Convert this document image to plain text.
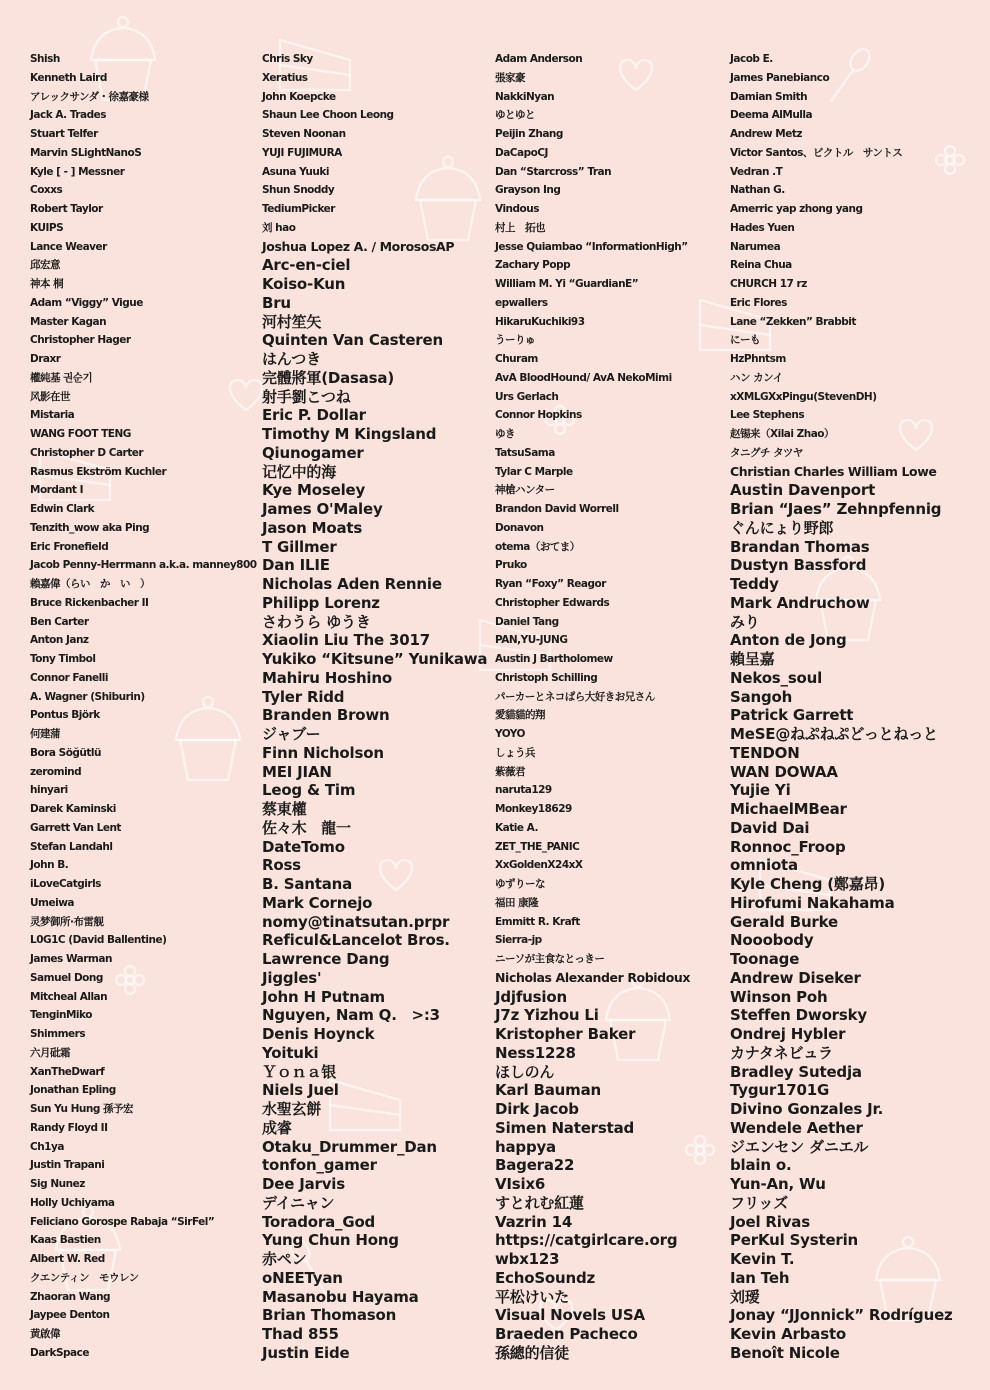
Shish
Kenneth Laird
アレックサンダ・徐嘉豪様
Jack A. Trades
Stuart Telfer
Marvin SLightNanoS
Kyle [ - ] Messner
Coxxs
Robert Taylor
KUIPS
Lance Weaver
邱宏意
神本 桐
Adam “Viggy” Vigue
Master Kagan
Christopher Hager
Draxr
權純基 권순기
风影在世
Mistaria
WANG FOOT TENG
Christopher D Carter
Rasmus Ekström Kuchler
Mordant I
Edwin Clark
Tenzith_wow aka Ping
Eric Fronefield
Jacob Penny-Herrmann a.k.a. manney800
賴嘉偉（らい　か　い　）
Bruce Rickenbacher II
Ben Carter
Anton Janz
Tony Timbol
Connor Fanelli
A. Wagner (Shiburin)
Pontus Björk
何建蒲
Bora Söğütlü
zeromind
hinyari
Darek Kaminski
Garrett Van Lent
Stefan Landahl
John B.
iLoveCatgirls
Umeiwa
灵梦御所·布雷舰
L0G1C (David Ballentine)
James Warman
Samuel Dong
Mitcheal Allan
TenginMiko
Shimmers
六月砒霜
XanTheDwarf
Jonathan Epling
Sun Yu Hung 孫予宏
Randy Floyd II
Ch1ya
Justin Trapani
Sig Nunez
Holly Uchiyama
Feliciano Gorospe Rabaja “SirFel”
Kaas Bastien
Albert W. Red
クエンティン　モウレン
Zhaoran Wang
Jaypee Denton
黄啟偉
DarkSpace
Chris Sky
Xeratius
John Koepcke
Shaun Lee Choon Leong
Steven Noonan
YUJI FUJIMURA
Asuna Yuuki
Shun Snoddy
TediumPicker
刘 hao
Joshua Lopez A. / MorososAP
Arc-en-ciel
Koiso-Kun
Bru
河村笙矢
Quinten Van Casteren
はんつき
完體將軍(Dasasa)
射手劉こつね
Eric P. Dollar
Timothy M Kingsland
Qiunogamer
记忆中的海
Kye Moseley
James O'Maley
Jason Moats
T Gillmer
Dan ILIE
Nicholas Aden Rennie
Philipp Lorenz
さわうら ゆうき
Xiaolin Liu The 3017
Yukiko “Kitsune” Yunikawa
Mahiru Hoshino
Tyler Ridd
Branden Brown
ジャブー
Finn Nicholson
MEI JIAN
Leog & Tim
蔡東權
佐々木　龍一
DateTomo
Ross
B. Santana
Mark Cornejo
nomy@tinatsutan.prpr
Reficul&Lancelot Bros.
Lawrence Dang
Jiggles'
John H Putnam
Nguyen, Nam Q.　>:3
Denis Hoynck
Yoituki
Ｙｏｎａ银
Niels Juel
水聖玄餅
成睿
Otaku_Drummer_Dan
tonfon_gamer
Dee Jarvis
デイニャン
Toradora_God
Yung Chun Hong
赤ペン
oNEETyan
Masanobu Hayama
Brian Thomason
Thad 855
Justin Eide
Adam Anderson
張家豪
NakkiNyan
ゆとゆと
Peijin Zhang
DaCapoCJ
Dan “Starcross” Tran
Grayson Ing
Vindous
村上　拓也
Jesse Quiambao “InformationHigh”
Zachary Popp
William M. Yi “GuardianE”
epwallers
HikaruKuchiki93
うーりゅ
Churam
AvA BloodHound/ AvA NekoMimi
Urs Gerlach
Connor Hopkins
ゆき
TatsuSama
Tylar C Marple
神槍ハンター
Brandon David Worrell
Donavon
otema（おてま）
Pruko
Ryan “Foxy” Reagor
Christopher Edwards
Daniel Tang
PAN,YU-JUNG
Austin J Bartholomew
Christoph Schilling
パーカーとネコぱら大好きお兄さん
愛貓貓的翔
YOYO
しょう兵
紫薇君
naruta129
Monkey18629
Katie A.
ZET_THE_PANIC
XxGoldenX24xX
ゆずりーな
福田 康隆
Emmitt R. Kraft
Sierra-jp
ニーソが主食なとっきー
Nicholas Alexander Robidoux
Jdjfusion
J7z Yizhou Li
Kristopher Baker
Ness1228
ほしのん
Karl Bauman
Dirk Jacob
Simen Naterstad
happya
Bagera22
VIsix6
すとれむ紅蓮
Vazrin 14
https://catgirlcare.org
wbx123
EchoSoundz
平松けいた
Visual Novels USA
Braeden Pacheco
孫總的信徒
Jacob E.
James Panebianco
Damian Smith
Deema AlMulla
Andrew Metz
Victor Santos、ビクトル　サントス
Vedran .T
Nathan G.
Amerric yap zhong yang
Hades Yuen
Narumea
Reina Chua
CHURCH 17 rz
Eric Flores
Lane “Zekken” Brabbit
にーも
HzPhntsm
ハン カンイ
xXMLGXxPingu(StevenDH)
Lee Stephens
赵锡来（Xilai Zhao）
タニグチ タツヤ
Christian Charles William Lowe
Austin Davenport
Brian “Jaes” Zehnpfennig
ぐんにょり野郎
Brandan Thomas
Dustyn Bassford
Teddy
Mark Andruchow
みり
Anton de Jong
賴呈嘉
Nekos_soul
Sangoh
Patrick Garrett
MeSE@ねぷねぷどっとねっと
TENDON
WAN DOWAA
Yujie Yi
MichaelMBear
David Dai
Ronnoc_Froop
omniota
Kyle Cheng (鄭嘉昂)
Hirofumi Nakahama
Gerald Burke
Nooobody
Toonage
Andrew Diseker
Winson Poh
Steffen Dworsky
Ondrej Hybler
カナタネビュラ
Bradley Sutedja
Tygur1701G
Divino Gonzales Jr.
Wendele Aether
ジエンセン ダニエル
blain o.
Yun-An, Wu
フリッズ
Joel Rivas
PerKul Systerin
Kevin T.
Ian Teh
刘瑷
Jonay “JJonnick” Rodríguez
Kevin Arbasto
Benoît Nicole
